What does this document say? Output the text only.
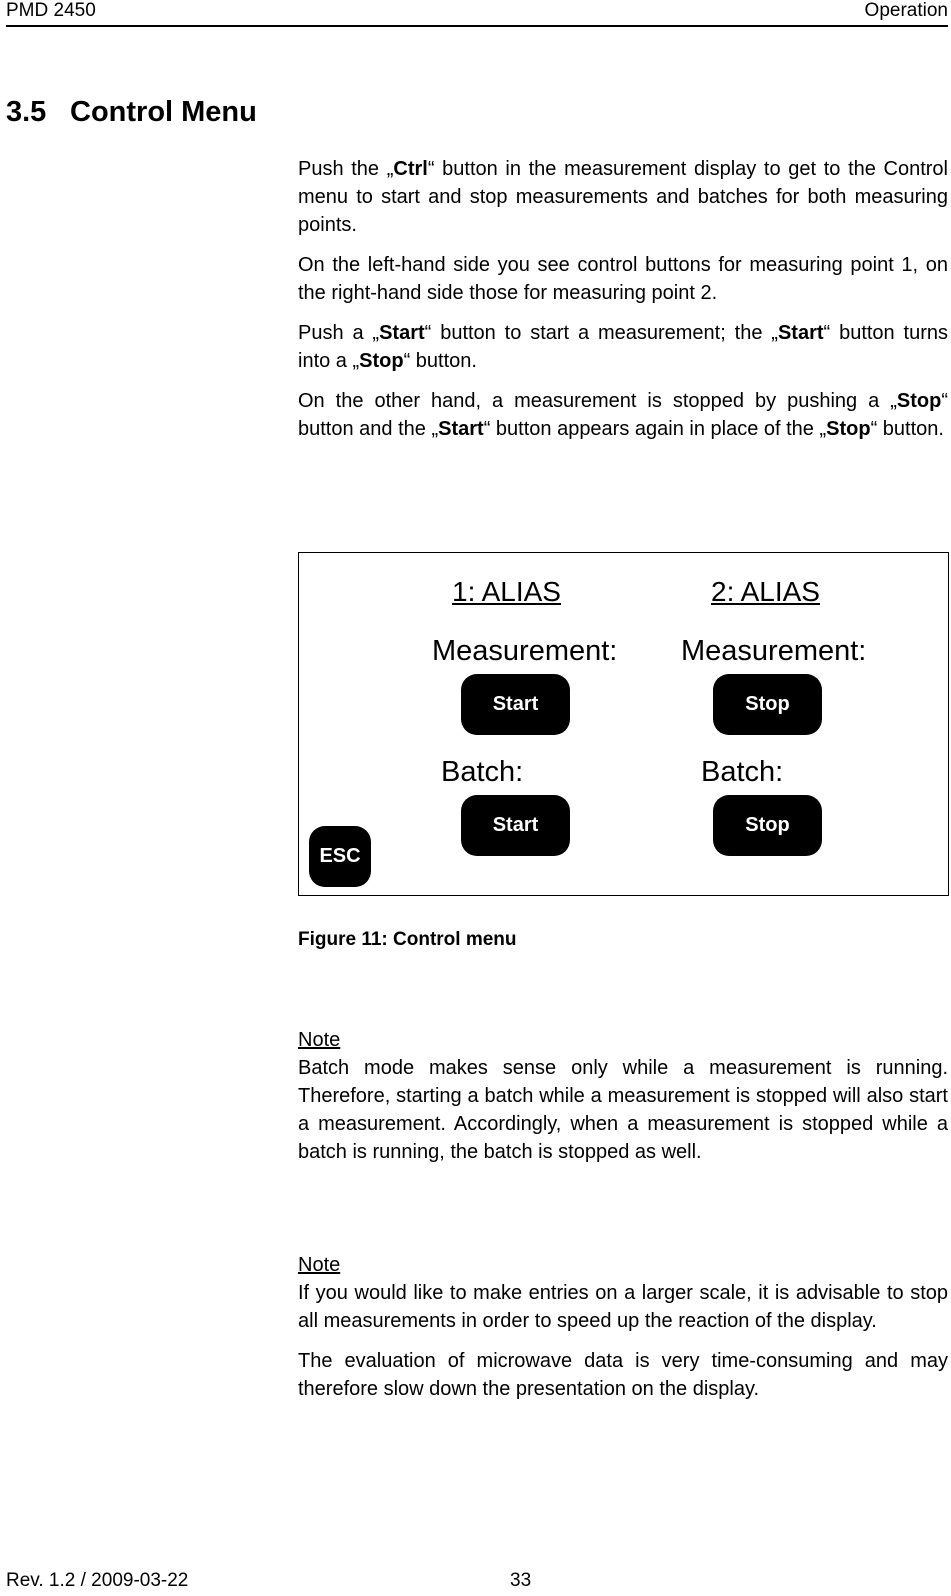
PMD 2450	Operation
3.5 Control Menu

Push the „Ctrl“ button in the measurement display to get to the Control menu to start and stop measurements and batches for both measuring points.

On the left-hand side you see control buttons for measuring point 1, on the right-hand side those for measuring point 2.

Push a „Start“ button to start a measurement; the „Start“ button turns into a „Stop“ button.

On the other hand, a measurement is stopped by pushing a „Stop“ button and the „Start“ button appears again in place of the „Stop“ button.

1: ALIAS	2: ALIAS
Measurement: Measurement:
Start	Stop
Batch:	Batch:
Start	Stop
ESC
Figure 11: Control menu
Note

Batch mode makes sense only while a measurement is running. Therefore, starting a batch while a measurement is stopped will also start a measurement. Accordingly, when a measurement is stopped while a batch is running, the batch is stopped as well.

Note

If you would like to make entries on a larger scale, it is advisable to stop all measurements in order to speed up the reaction of the display.

The evaluation of microwave data is very time-consuming and may therefore slow down the presentation on the display.

Rev. 1.2 / 2009-03-22	33
